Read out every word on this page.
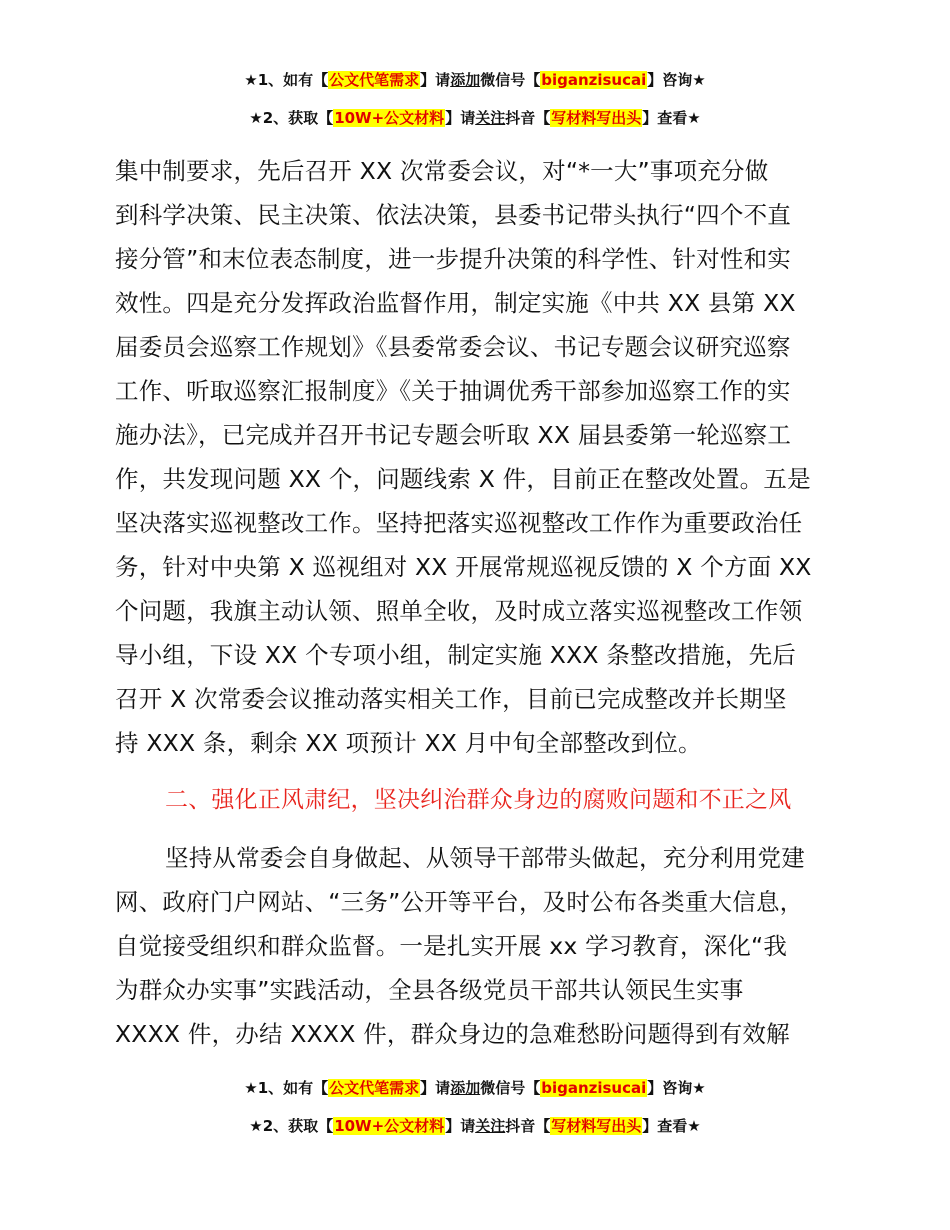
★1、如有【公文代笔需求】请添加微信号【biganzisucai】咨询★
★2、获取【10W+公文材料】请关注抖音【写材料写出头】查看★
集中制要求，先后召开 XX 次常委会议，对“*一大”事项充分做
到科学决策、民主决策、依法决策，县委书记带头执行“四个不直
接分管”和末位表态制度，进一步提升决策的科学性、针对性和实
效性。四是充分发挥政治监督作用，制定实施《中共 XX 县第 XX
届委员会巡察工作规划》《县委常委会议、书记专题会议研究巡察
工作、听取巡察汇报制度》《关于抽调优秀干部参加巡察工作的实
施办法》，已完成并召开书记专题会听取 XX 届县委第一轮巡察工
作，共发现问题 XX 个，问题线索 X 件，目前正在整改处置。五是
坚决落实巡视整改工作。坚持把落实巡视整改工作作为重要政治任
务，针对中央第 X 巡视组对 XX 开展常规巡视反馈的 X 个方面 XX
个问题，我旗主动认领、照单全收，及时成立落实巡视整改工作领
导小组，下设 XX 个专项小组，制定实施 XXX 条整改措施，先后
召开 X 次常委会议推动落实相关工作，目前已完成整改并长期坚
持 XXX 条，剩余 XX 项预计 XX 月中旬全部整改到位。
二、强化正风肃纪，坚决纠治群众身边的腐败问题和不正之风
坚持从常委会自身做起、从领导干部带头做起，充分利用党建
网、政府门户网站、“三务”公开等平台，及时公布各类重大信息，
自觉接受组织和群众监督。一是扎实开展 xx 学习教育，深化“我
为群众办实事”实践活动，全县各级党员干部共认领民生实事
XXXX 件，办结 XXXX 件，群众身边的急难愁盼问题得到有效解
★1、如有【公文代笔需求】请添加微信号【biganzisucai】咨询★
★2、获取【10W+公文材料】请关注抖音【写材料写出头】查看★
